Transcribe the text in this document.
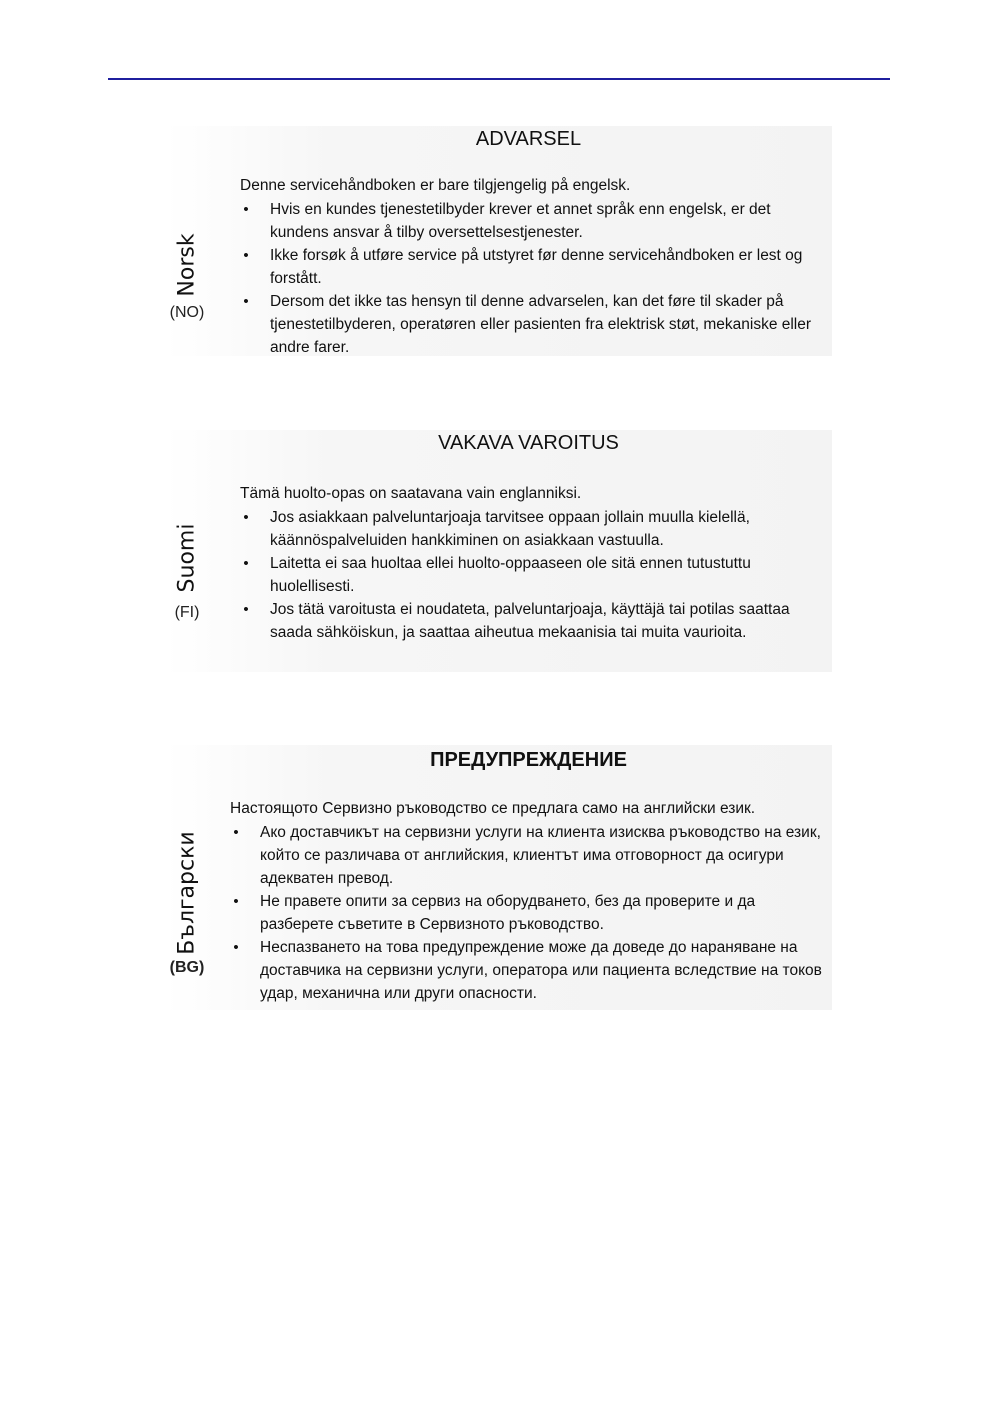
Norsk
(NO)
ADVARSEL

Denne servicehåndboken er bare tilgjengelig på engelsk.

• Hvis en kundes tjenestetilbyder krever et annet språk enn engelsk, er det kundens ansvar å tilby oversettelsestjenester.
• Ikke forsøk å utføre service på utstyret før denne servicehåndboken er lest og forstått.
• Dersom det ikke tas hensyn til denne advarselen, kan det føre til skader på tjenestetilbyderen, operatøren eller pasienten fra elektrisk støt, mekaniske eller andre farer.
Suomi
(FI)
VAKAVA VAROITUS

Tämä huolto-opas on saatavana vain englanniksi.

• Jos asiakkaan palveluntarjoaja tarvitsee oppaan jollain muulla kielellä, käännöspalveluiden hankkiminen on asiakkaan vastuulla.
• Laitetta ei saa huoltaa ellei huolto-oppaaseen ole sitä ennen tutustuttu huolellisesti.
• Jos tätä varoitusta ei noudateta, palveluntarjoaja, käyttäjä tai potilas saattaa saada sähköiskun, ja saattaa aiheutua mekaanisia tai muita vaurioita.
Български
(BG)
ПРЕДУПРЕЖДЕНИЕ

Настоящото Сервизно ръководство се предлага само на английски език.

• Ако доставчикът на сервизни услуги на клиента изисква ръководство на език, който се различава от английския, клиентът има отговорност да осигури адекватен превод.
• Не правете опити за сервиз на оборудването, без да проверите и да разберете съветите в Сервизното ръководство.
• Неспазването на това предупреждение може да доведе до нараняване на доставчика на сервизни услуги, оператора или пациента вследствие на токов удар, механична или други опасности.
